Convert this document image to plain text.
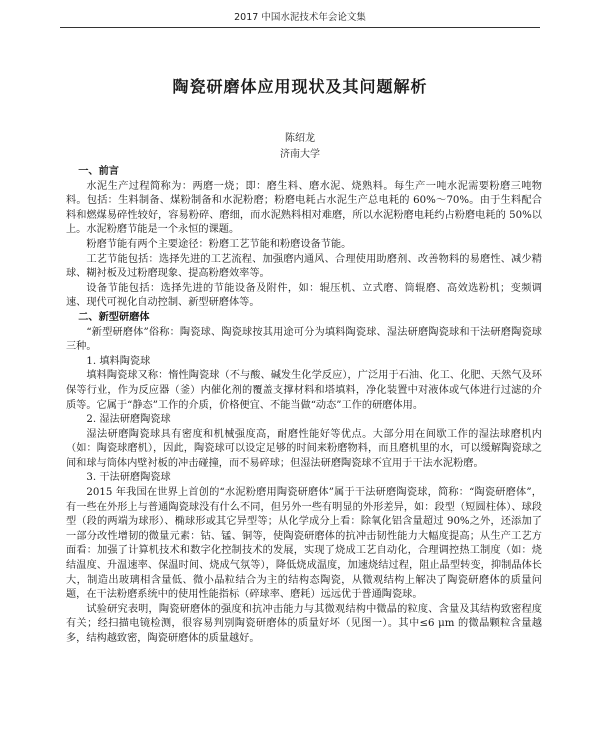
2017 中国水泥技术年会论文集
陶瓷研磨体应用现状及其问题解析
陈绍龙
济南大学
一、前言

水泥生产过程简称为：两磨一烧；即：磨生料、磨水泥、烧熟料。每生产一吨水泥需要粉磨三吨物料。包括：生料制备、煤粉制备和水泥粉磨；粉磨电耗占水泥生产总电耗的 60%～70%。由于生料配合料和燃煤易碎性较好，容易粉碎、磨细，而水泥熟料相对难磨，所以水泥粉磨电耗约占粉磨电耗的 50%以上。水泥粉磨节能是一个永恒的课题。

粉磨节能有两个主要途径：粉磨工艺节能和粉磨设备节能。

工艺节能包括：选择先进的工艺流程、加强磨内通风、合理使用助磨剂、改善物料的易磨性、减少精球、糊衬板及过粉磨现象、提高粉磨效率等。

设备节能包括：选择先进的节能设备及附件，如：辊压机、立式磨、筒辊磨、高效选粉机；变频调速、现代可视化自动控制、新型研磨体等。

二、新型研磨体

“新型研磨体”俗称：陶瓷球、陶瓷球按其用途可分为填料陶瓷球、湿法研磨陶瓷球和干法研磨陶瓷球三种。

1. 填料陶瓷球

填料陶瓷球又称：惰性陶瓷球（不与酸、碱发生化学反应），广泛用于石油、化工、化肥、天然气及环保等行业，作为反应器（釜）内催化剂的覆盖支撑材料和塔填料，净化装置中对液体或气体进行过滤的介质等。它属于“静态”工作的介质，价格便宜、不能当做“动态”工作的研磨体用。

2. 湿法研磨陶瓷球

湿法研磨陶瓷球具有密度和机械强度高，耐磨性能好等优点。大部分用在间歇工作的湿法球磨机内（如：陶瓷球磨机），因此，陶瓷球可以设定足够的时间来粉磨物料，而且磨机里的水，可以缓解陶瓷球之间和球与筒体内壁衬板的冲击碰撞，而不易碎球；但湿法研磨陶瓷球不宜用于干法水泥粉磨。

3. 干法研磨陶瓷球

2015 年我国在世界上首创的“水泥粉磨用陶瓷研磨体”属于干法研磨陶瓷球，简称：“陶瓷研磨体”，有一些在外形上与普通陶瓷球没有什么不同，但另外一些有明显的外形差异，如：段型（短圆柱体）、球段型（段的两端为球形）、椭球形或其它异型等；从化学成分上看：除氧化铝含量超过 90%之外，还添加了一部分改性增韧的微量元素：钴、锰、铜等，使陶瓷研磨体的抗冲击韧性能力大幅度提高；从生产工艺方面看：加强了计算机技术和数字化控制技术的发展，实现了烧成工艺自动化，合理调控热工制度（如：烧结温度、升温速率、保温时间、烧成气氛等），降低烧成温度，加速烧结过程，阻止晶型转变，抑制晶体长大，制造出玻璃相含量低、微小晶粒结合为主的结构态陶瓷，从微观结构上解决了陶瓷研磨体的质量问题，在干法粉磨系统中的使用性能指标（碎球率、磨耗）远远优于普通陶瓷球。

试验研究表明，陶瓷研磨体的强度和抗冲击能力与其微观结构中微晶的粒度、含量及其结构致密程度有关；经扫描电镜检测，很容易判别陶瓷研磨体的质量好坏（见图一）。其中≤6 μm 的微晶颗粒含量越多，结构越致密，陶瓷研磨体的质量越好。
